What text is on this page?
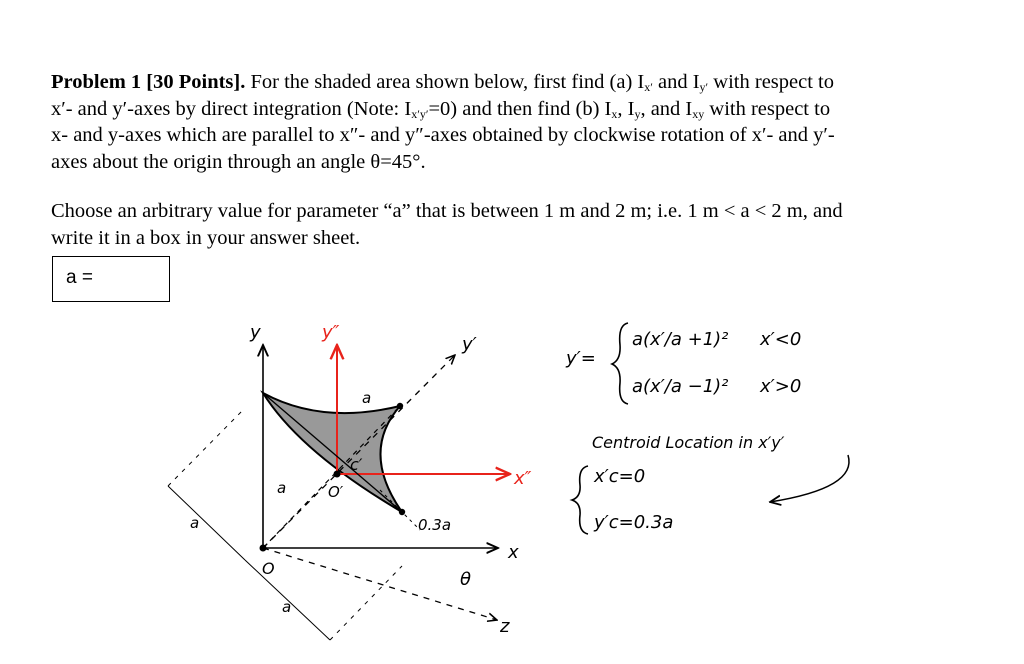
Problem 1 [30 Points]. For the shaded area shown below, first find (a) $I_{x'}$ and $I_{y'}$ with respect to
x′- and y′-axes by direct integration (Note: $I_{x'y'}=0$) and then find (b) $I_x$, $I_y$, and $I_{xy}$ with respect to
x- and y-axes which are parallel to x″- and y″-axes obtained by clockwise rotation of x′- and y′-
axes about the origin through an angle θ=45°.
Choose an arbitrary value for parameter “a” that is between 1 m and 2 m; i.e. 1 m < a < 2 m, and
write it in a box in your answer sheet.
a =
y	y″
y′
x″
x
z
θ
a
a
a
a
c′
O′
O
0.3a
y′=
a(x′/a +1)² x′<0
a(x′/a −1)² x′>0
Centroid Location in x′y′
x′c=0
y′c=0.3a
